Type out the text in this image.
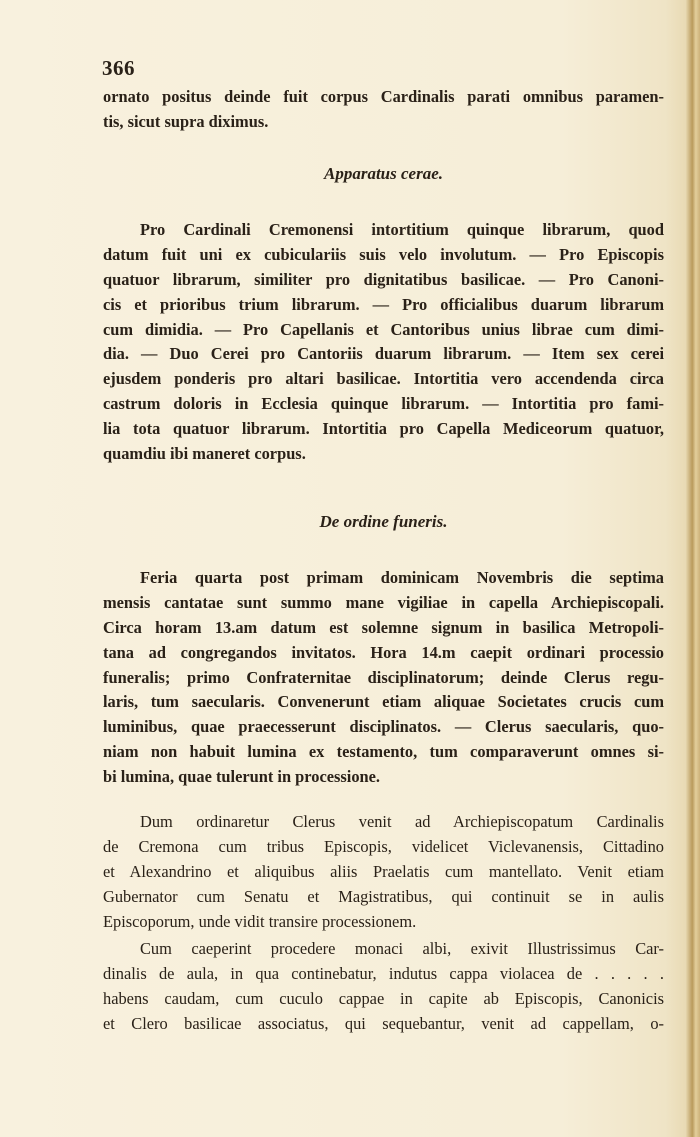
366
ornato positus deinde fuit corpus Cardinalis parati omnibus paramen-
tis, sicut supra diximus.
Apparatus cerae.
Pro Cardinali Cremonensi intortitium quinque librarum, quod
datum fuit uni ex cubiculariis suis velo involutum. — Pro Episcopis
quatuor librarum, similiter pro dignitatibus basilicae. — Pro Canoni-
cis et prioribus trium librarum. — Pro officialibus duarum librarum
cum dimidia. — Pro Capellanis et Cantoribus unius librae cum dimi-
dia. — Duo Cerei pro Cantoriis duarum librarum. — Item sex cerei
ejusdem ponderis pro altari basilicae. Intortitia vero accendenda circa
castrum doloris in Ecclesia quinque librarum. — Intortitia pro fami-
lia tota quatuor librarum. Intortitia pro Capella Mediceorum quatuor,
quamdiu ibi maneret corpus.
De ordine funeris.
Feria quarta post primam dominicam Novembris die septima
mensis cantatae sunt summo mane vigiliae in capella Archiepiscopali.
Circa horam 13.am datum est solemne signum in basilica Metropoli-
tana ad congregandos invitatos. Hora 14.m caepit ordinari processio
funeralis; primo Confraternitae disciplinatorum; deinde Clerus regu-
laris, tum saecularis. Convenerunt etiam aliquae Societates crucis cum
luminibus, quae praecesserunt disciplinatos. — Clerus saecularis, quo-
niam non habuit lumina ex testamento, tum comparaverunt omnes si-
bi lumina, quae tulerunt in processione.
Dum ordinaretur Clerus venit ad Archiepiscopatum Cardinalis
de Cremona cum tribus Episcopis, videlicet Viclevanensis, Cittadino
et Alexandrino et aliquibus aliis Praelatis cum mantellato. Venit etiam
Gubernator cum Senatu et Magistratibus, qui continuit se in aulis
Episcoporum, unde vidit transire processionem.
Cum caeperint procedere monaci albi, exivit Illustrissimus Car-
dinalis de aula, in qua continebatur, indutus cappa violacea de . . . . .
habens caudam, cum cuculo cappae in capite ab Episcopis, Canonicis
et Clero basilicae associatus, qui sequebantur, venit ad cappellam, o-
